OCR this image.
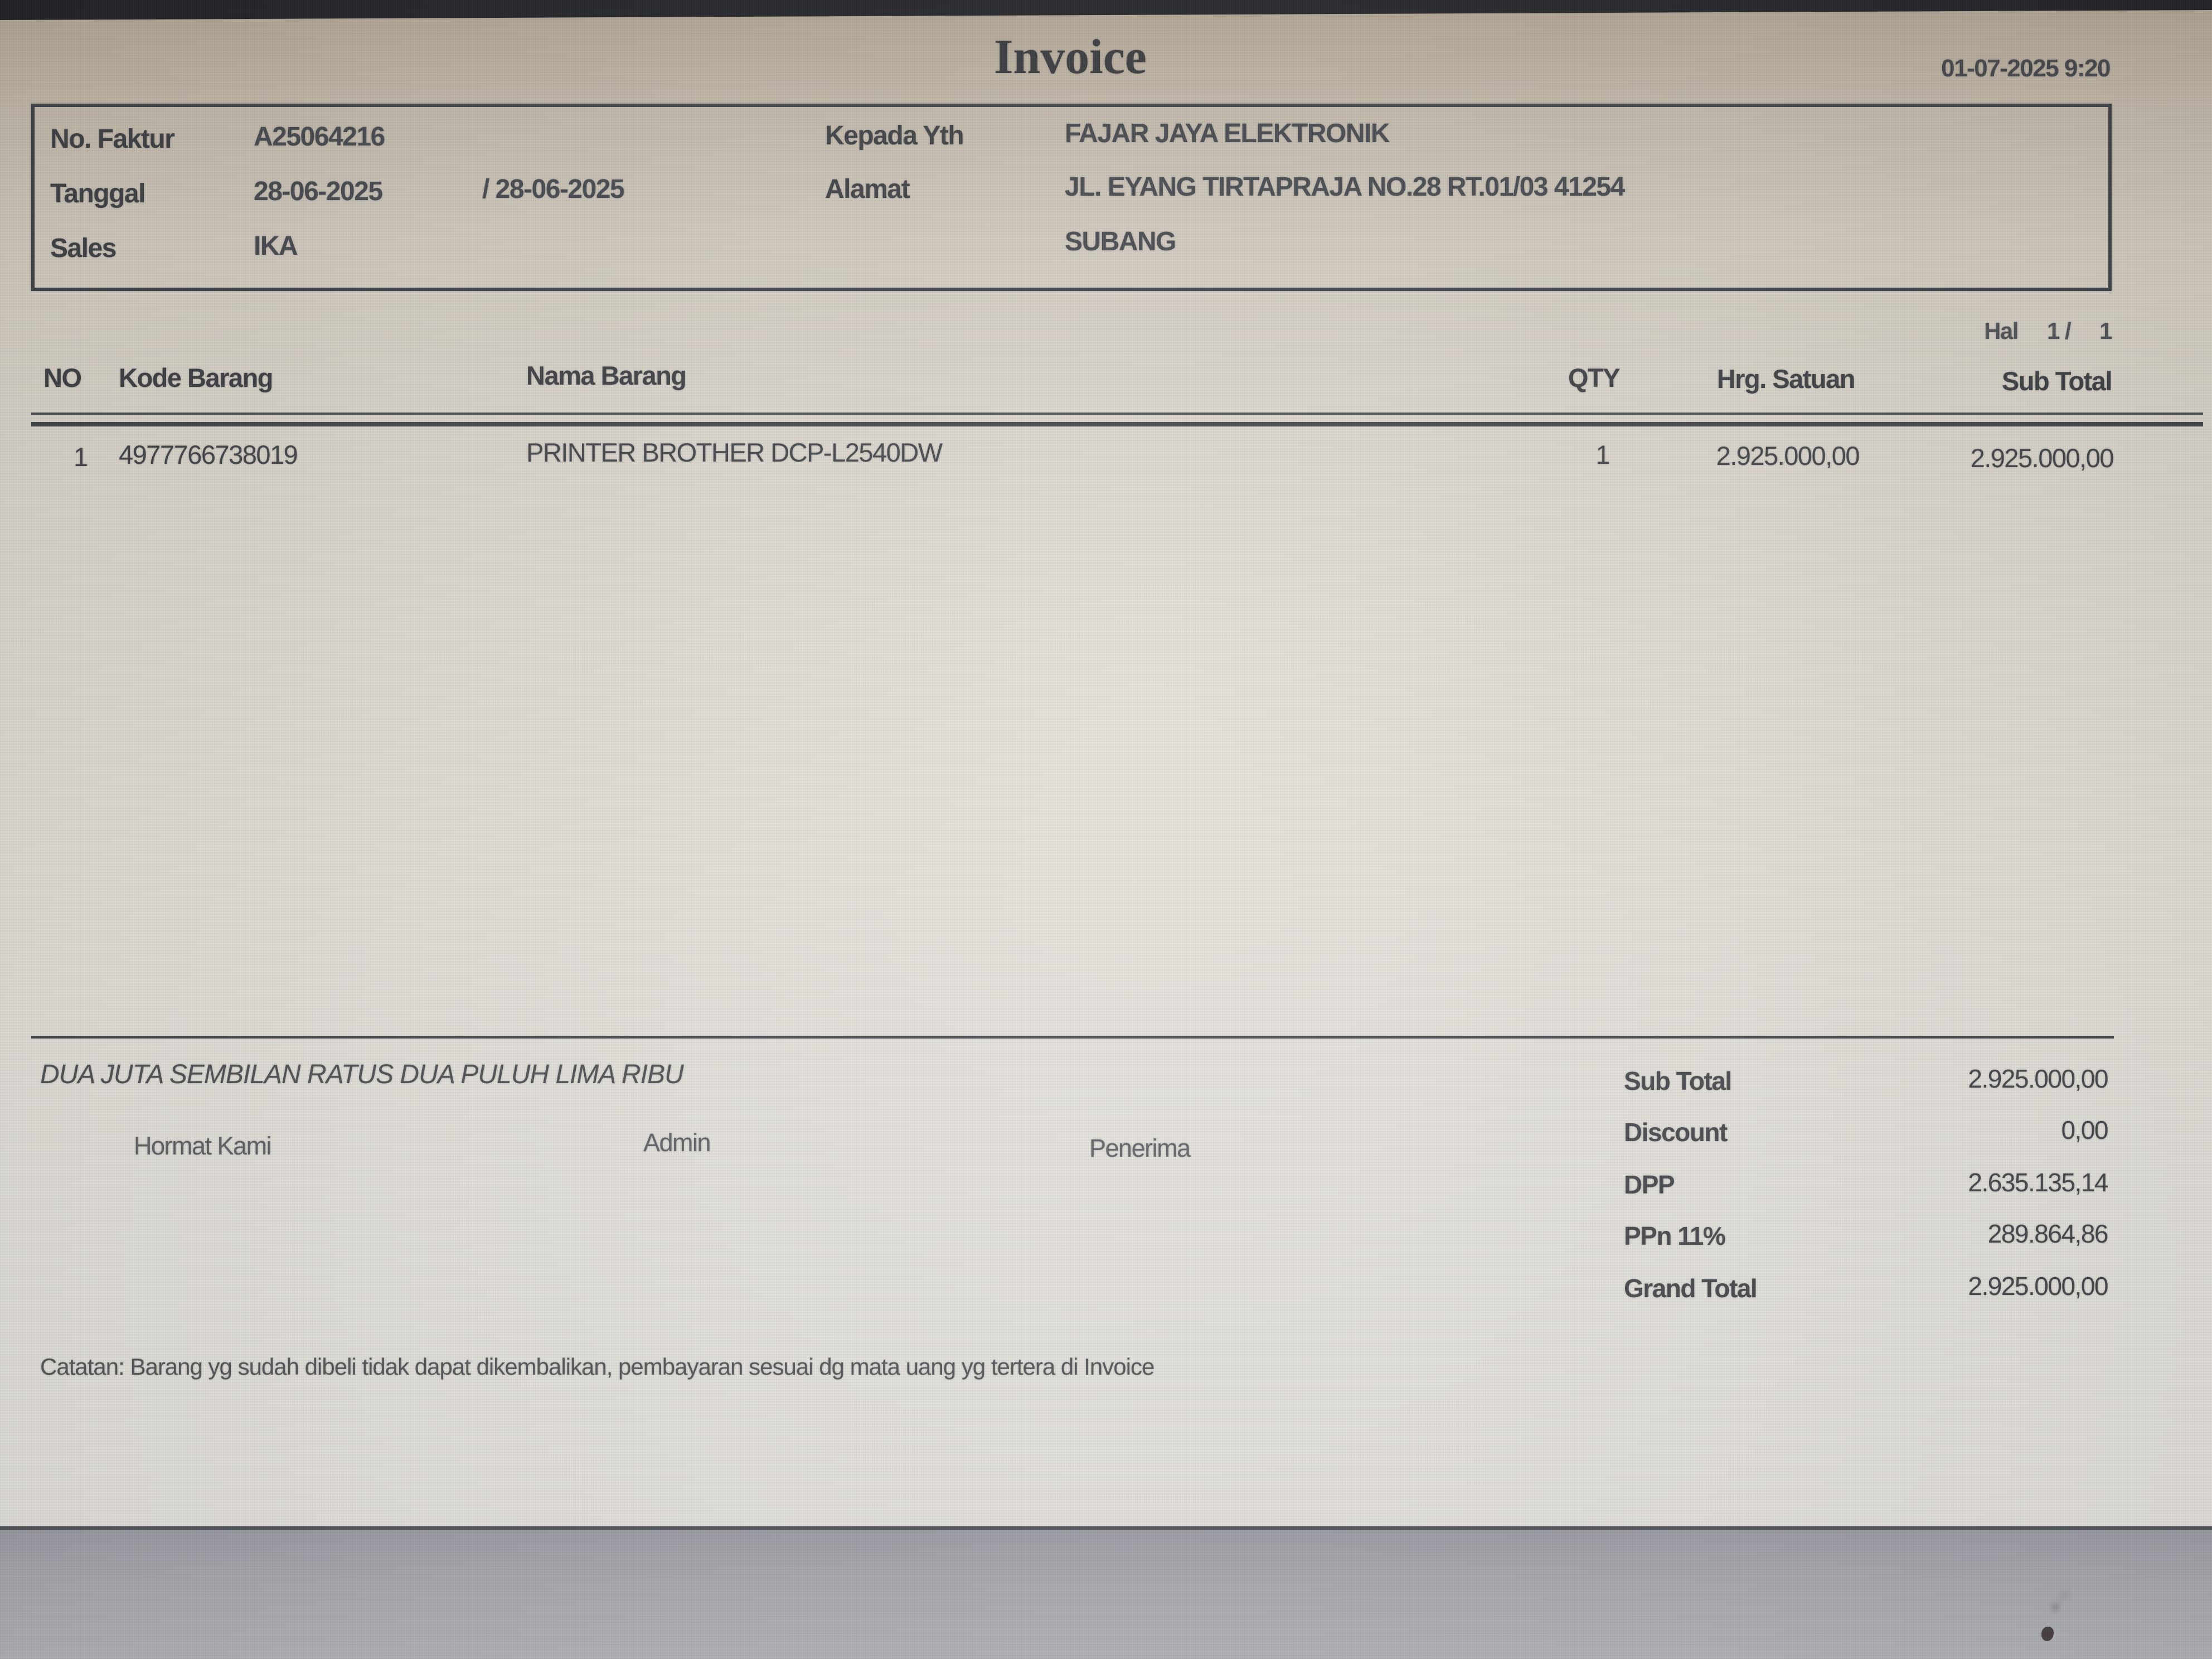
Invoice	01-07-2025 9:20
No. Faktur	A25064216
Tanggal	28-06-2025	/ 28-06-2025
Sales	IKA
Kepada Yth	FAJAR JAYA ELEKTRONIK
Alamat	JL. EYANG TIRTAPRAJA NO.28 RT.01/03 41254
SUBANG
Hal 1 / 1
NO Kode Barang	Nama Barang	QTY	Hrg. Satuan	Sub Total
1 4977766738019	PRINTER BROTHER DCP-L2540DW	1	2.925.000,00	2.925.000,00
DUA JUTA SEMBILAN RATUS DUA PULUH LIMA RIBU
Hormat Kami	Admin	Penerima
Sub Total	2.925.000,00
Discount	0,00
DPP	2.635.135,14
PPn 11%	289.864,86
Grand Total	2.925.000,00
Catatan: Barang yg sudah dibeli tidak dapat dikembalikan, pembayaran sesuai dg mata uang yg tertera di Invoice
